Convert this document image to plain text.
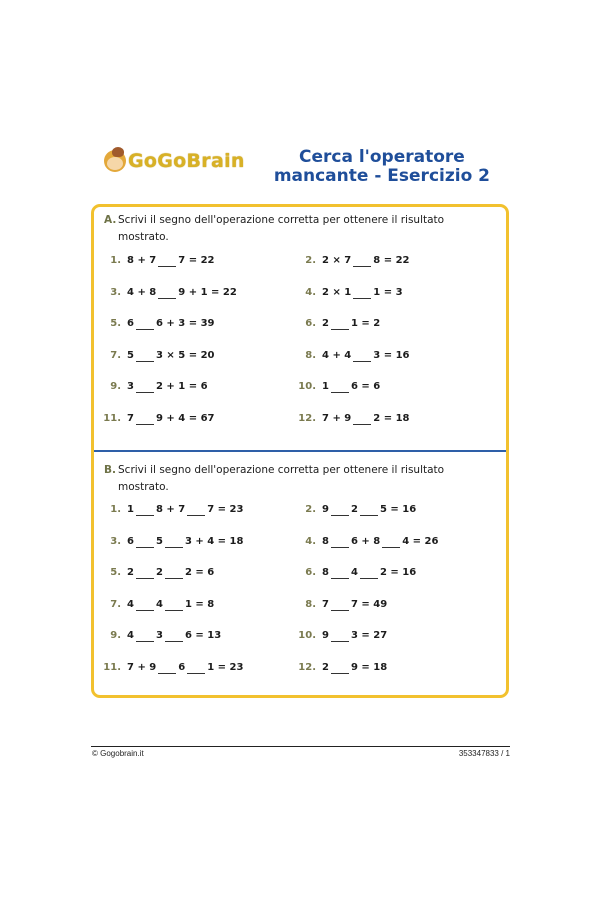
GoGoBrain	Cerca l'operatore
mancante - Esercizio 2
A. Scrivi il segno dell'operazione corretta per ottenere il risultato mostrato.
B. Scrivi il segno dell'operazione corretta per ottenere il risultato mostrato.
1. 8 + 7 7 = 22	2. 2 × 7 8 = 22
3. 4 + 8 9 + 1 = 22	4. 2 × 1 1 = 3
5. 6 6 + 3 = 39	6. 2 1 = 2
7. 5 3 × 5 = 20	8. 4 + 4 3 = 16
9. 3 2 + 1 = 6	10. 1 6 = 6
11. 7 9 + 4 = 67	12. 7 + 9 2 = 18
1. 1 8 + 7 7 = 23	2. 9 2 5 = 16
3. 6 5 3 + 4 = 18	4. 8 6 + 8 4 = 26
5. 2 2 2 = 6	6. 8 4 2 = 16
7. 4 4 1 = 8	8. 7 7 = 49
9. 4 3 6 = 13	10. 9 3 = 27
11. 7 + 9 6 1 = 23	12. 2 9 = 18
© Gogobrain.it	353347833 / 1
